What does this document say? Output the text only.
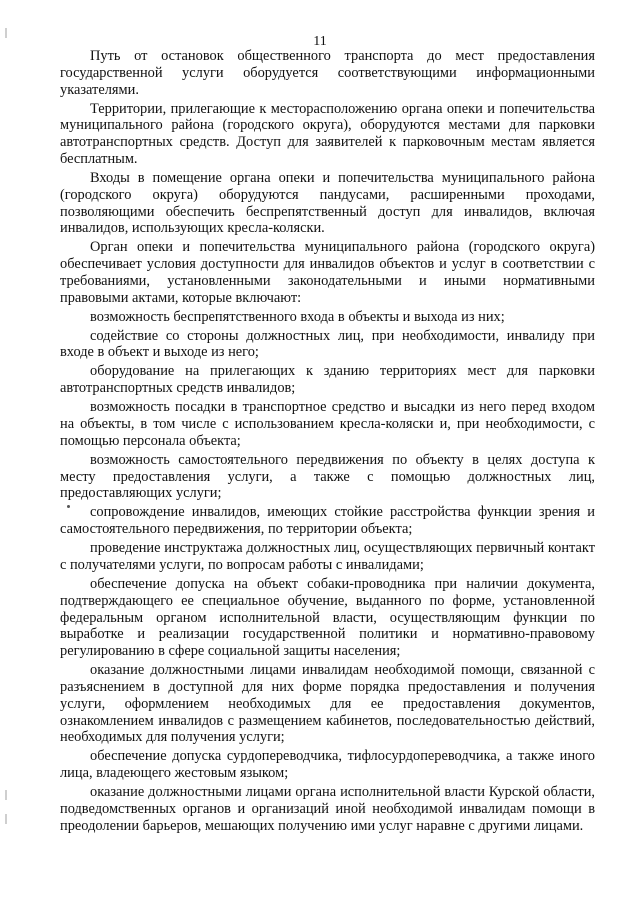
11

Путь от остановок общественного транспорта до мест предоставления государственной услуги оборудуется соответствующими информационными указателями.

Территории, прилегающие к месторасположению органа опеки и попечительства муниципального района (городского округа), оборудуются местами для парковки автотранспортных средств. Доступ для заявителей к парковочным местам является бесплатным.

Входы в помещение органа опеки и попечительства муниципального района (городского округа) оборудуются пандусами, расширенными проходами, позволяющими обеспечить беспрепятственный доступ для инвалидов, включая инвалидов, использующих кресла-коляски.

Орган опеки и попечительства муниципального района (городского округа) обеспечивает условия доступности для инвалидов объектов и услуг в соответствии с требованиями, установленными законодательными и иными нормативными правовыми актами, которые включают:

возможность беспрепятственного входа в объекты и выхода из них;

содействие со стороны должностных лиц, при необходимости, инвалиду при входе в объект и выходе из него;

оборудование на прилегающих к зданию территориях мест для парковки автотранспортных средств инвалидов;

возможность посадки в транспортное средство и высадки из него перед входом на объекты, в том числе с использованием кресла-коляски и, при необходимости, с помощью персонала объекта;

возможность самостоятельного передвижения по объекту в целях доступа к месту предоставления услуги, а также с помощью должностных лиц, предоставляющих услуги;

сопровождение инвалидов, имеющих стойкие расстройства функции зрения и самостоятельного передвижения, по территории объекта;

проведение инструктажа должностных лиц, осуществляющих первичный контакт с получателями услуги, по вопросам работы с инвалидами;

обеспечение допуска на объект собаки-проводника при наличии документа, подтверждающего ее специальное обучение, выданного по форме, установленной федеральным органом исполнительной власти, осуществляющим функции по выработке и реализации государственной политики и нормативно-правовому регулированию в сфере социальной защиты населения;

оказание должностными лицами инвалидам необходимой помощи, связанной с разъяснением в доступной для них форме порядка предоставления и получения услуги, оформлением необходимых для ее предоставления документов, ознакомлением инвалидов с размещением кабинетов, последовательностью действий, необходимых для получения услуги;

обеспечение допуска сурдопереводчика, тифлосурдопереводчика, а также иного лица, владеющего жестовым языком;

оказание должностными лицами органа исполнительной власти Курской области, подведомственных органов и организаций иной необходимой инвалидам помощи в преодолении барьеров, мешающих получению ими услуг наравне с другими лицами.
